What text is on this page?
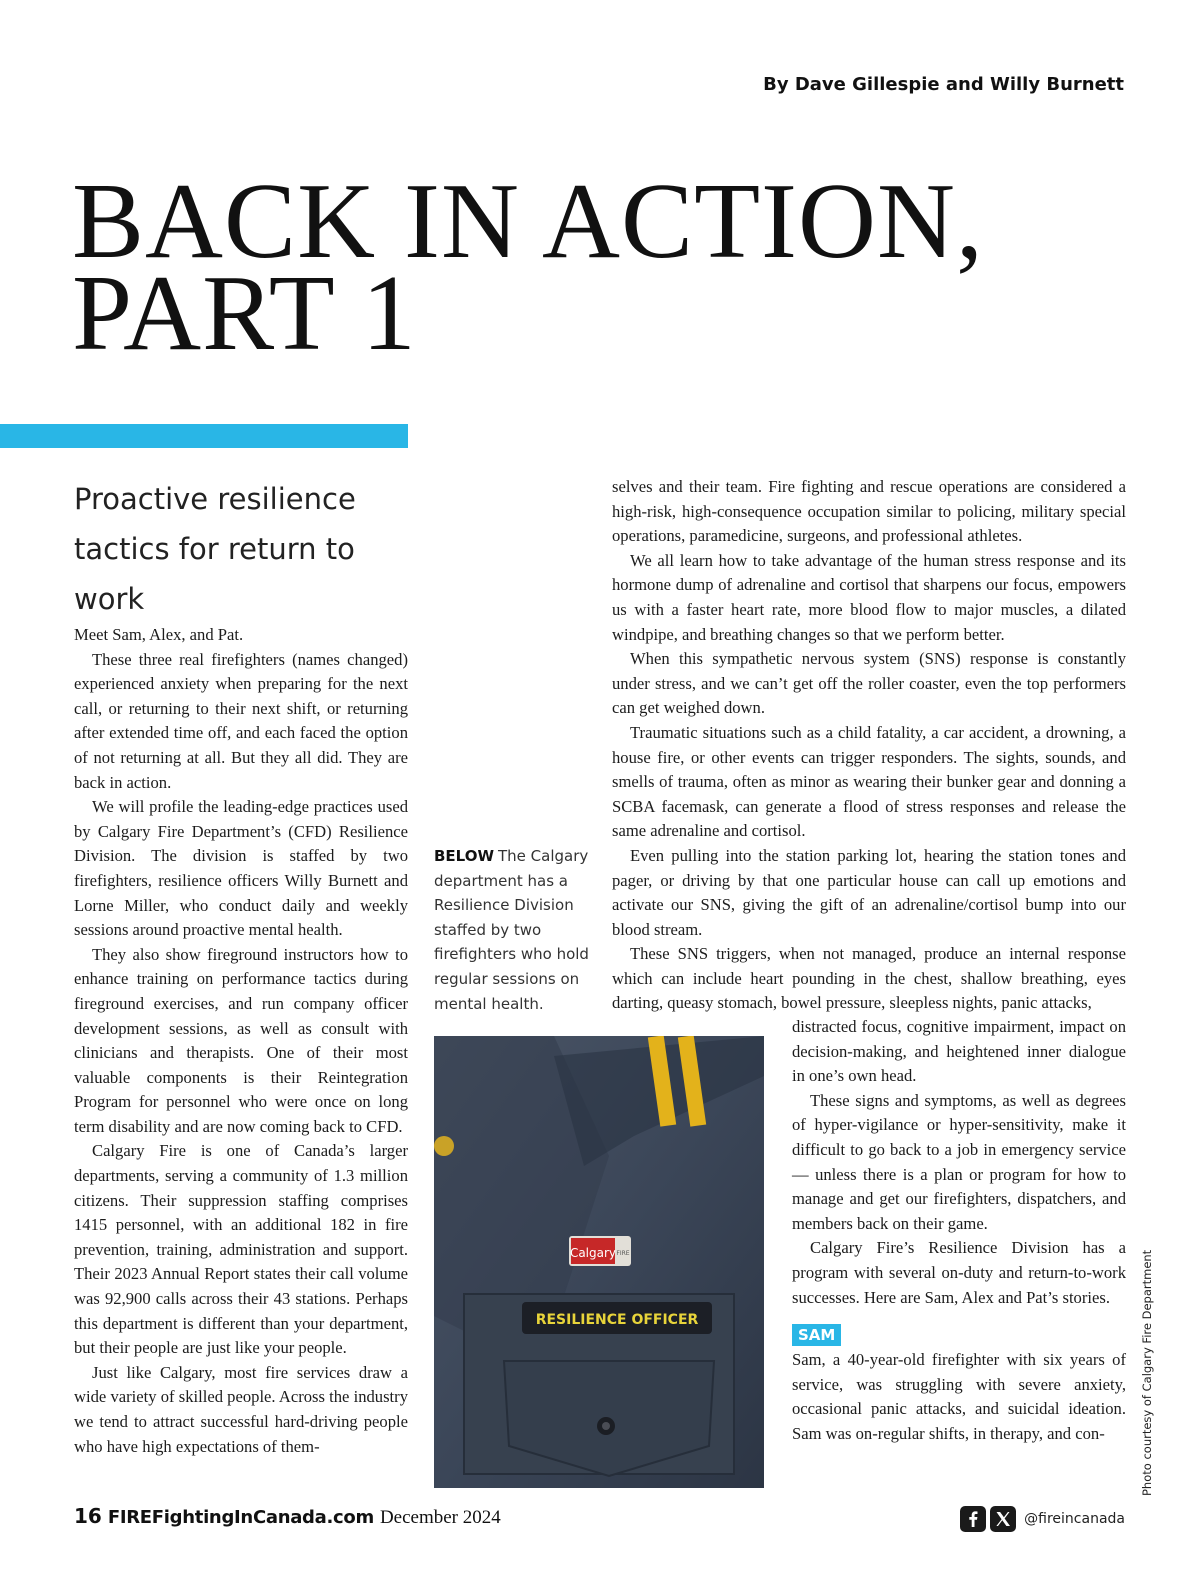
By Dave Gillespie and Willy Burnett
BACK IN ACTION,
PART 1
Proactive resilience tactics for return to work

Meet Sam, Alex, and Pat.

These three real firefighters (names changed) experienced anxiety when preparing for the next call, or returning to their next shift, or returning after extended time off, and each faced the option of not returning at all. But they all did. They are back in action.

We will profile the leading-edge practices used by Calgary Fire Department’s (CFD) Resilience Division. The division is staffed by two firefighters, resilience officers Willy Burnett and Lorne Miller, who conduct daily and weekly sessions around proactive mental health.

They also show fireground instructors how to enhance training on performance tactics during fireground exercises, and run company officer development sessions, as well as consult with clinicians and therapists. One of their most valuable components is their Reintegration Program for personnel who were once on long term disability and are now coming back to CFD.

Calgary Fire is one of Canada’s larger departments, serving a community of 1.3 million citizens. Their suppression staffing comprises 1415 personnel, with an additional 182 in fire prevention, training, administration and support. Their 2023 Annual Report states their call volume was 92,900 calls across their 43 stations. Perhaps this department is different than your department, but their people are just like your people.

Just like Calgary, most fire services draw a wide variety of skilled people. Across the industry we tend to attract successful hard-driving people who have high expectations of them-

BELOW The Calgary department has a Resilience Division staffed by two firefighters who hold regular sessions on mental health.

selves and their team. Fire fighting and rescue operations are considered a high-risk, high-consequence occupation similar to policing, military special operations, paramedicine, surgeons, and professional athletes.

We all learn how to take advantage of the human stress response and its hormone dump of adrenaline and cortisol that sharpens our focus, empowers us with a faster heart rate, more blood flow to major muscles, a dilated windpipe, and breathing changes so that we perform better.

When this sympathetic nervous system (SNS) response is constantly under stress, and we can’t get off the roller coaster, even the top performers can get weighed down.

Traumatic situations such as a child fatality, a car accident, a drowning, a house fire, or other events can trigger responders. The sights, sounds, and smells of trauma, often as minor as wearing their bunker gear and donning a SCBA facemask, can generate a flood of stress responses and release the same adrenaline and cortisol.

Even pulling into the station parking lot, hearing the station tones and pager, or driving by that one particular house can call up emotions and activate our SNS, giving the gift of an adrenaline/cortisol bump into our blood stream.

These SNS triggers, when not managed, produce an internal response which can include heart pounding in the chest, shallow breathing, eyes darting, queasy stomach, bowel pressure, sleepless nights, panic attacks,

distracted focus, cognitive impairment, impact on decision-making, and heightened inner dialogue in one’s own head.

These signs and symptoms, as well as degrees of hyper-vigilance or hyper-sensitivity, make it difficult to go back to a job in emergency service — unless there is a plan or program for how to manage and get our firefighters, dispatchers, and members back on their game.

Calgary Fire’s Resilience Division has a program with several on-duty and return-to-work successes. Here are Sam, Alex and Pat’s stories.

SAM

Sam, a 40-year-old firefighter with six years of service, was struggling with severe anxiety, occasional panic attacks, and suicidal ideation. Sam was on-regular shifts, in therapy, and con-

Calgary FIRE
RESILIENCE OFFICER	Photo courtesy of Calgary Fire Department
16 FIREFightingInCanada.com December 2024	@fireincanada
